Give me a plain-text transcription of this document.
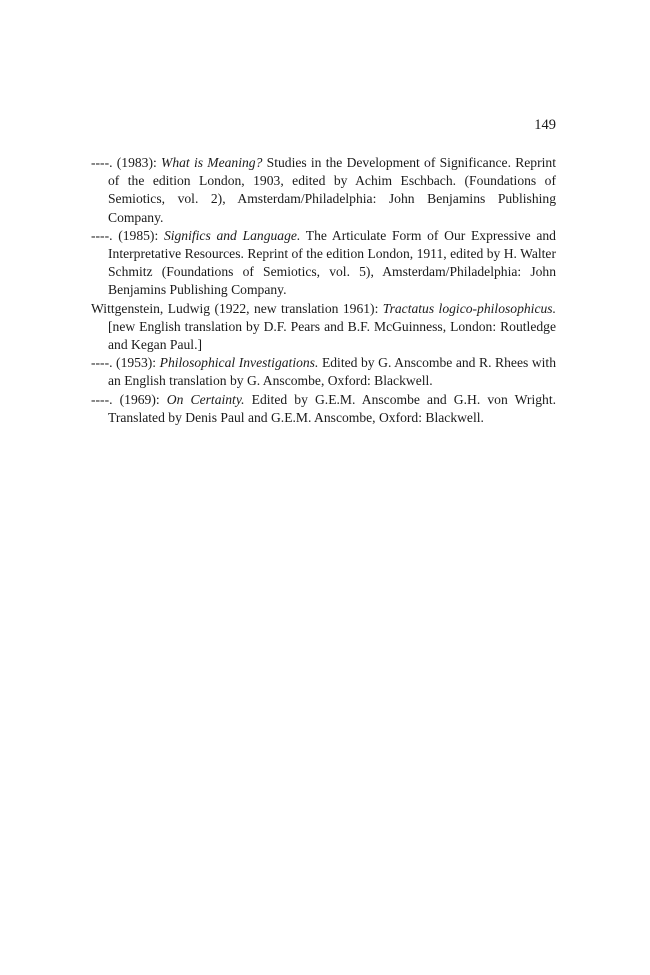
149
----. (1983): What is Meaning? Studies in the Development of Significance. Reprint of the edition London, 1903, edited by Achim Eschbach. (Foundations of Semiotics, vol. 2), Amsterdam/Philadelphia: John Benjamins Publishing Company.
----. (1985): Significs and Language. The Articulate Form of Our Expressive and Interpretative Resources. Reprint of the edition London, 1911, edited by H. Walter Schmitz (Foundations of Semiotics, vol. 5), Amsterdam/Philadelphia: John Benjamins Publishing Company.
Wittgenstein, Ludwig (1922, new translation 1961): Tractatus logico-philosophicus. [new English translation by D.F. Pears and B.F. McGuinness, London: Routledge and Kegan Paul.]
----. (1953): Philosophical Investigations. Edited by G. Anscombe and R. Rhees with an English translation by G. Anscombe, Oxford: Blackwell.
----. (1969): On Certainty. Edited by G.E.M. Anscombe and G.H. von Wright. Translated by Denis Paul and G.E.M. Anscombe, Oxford: Blackwell.
